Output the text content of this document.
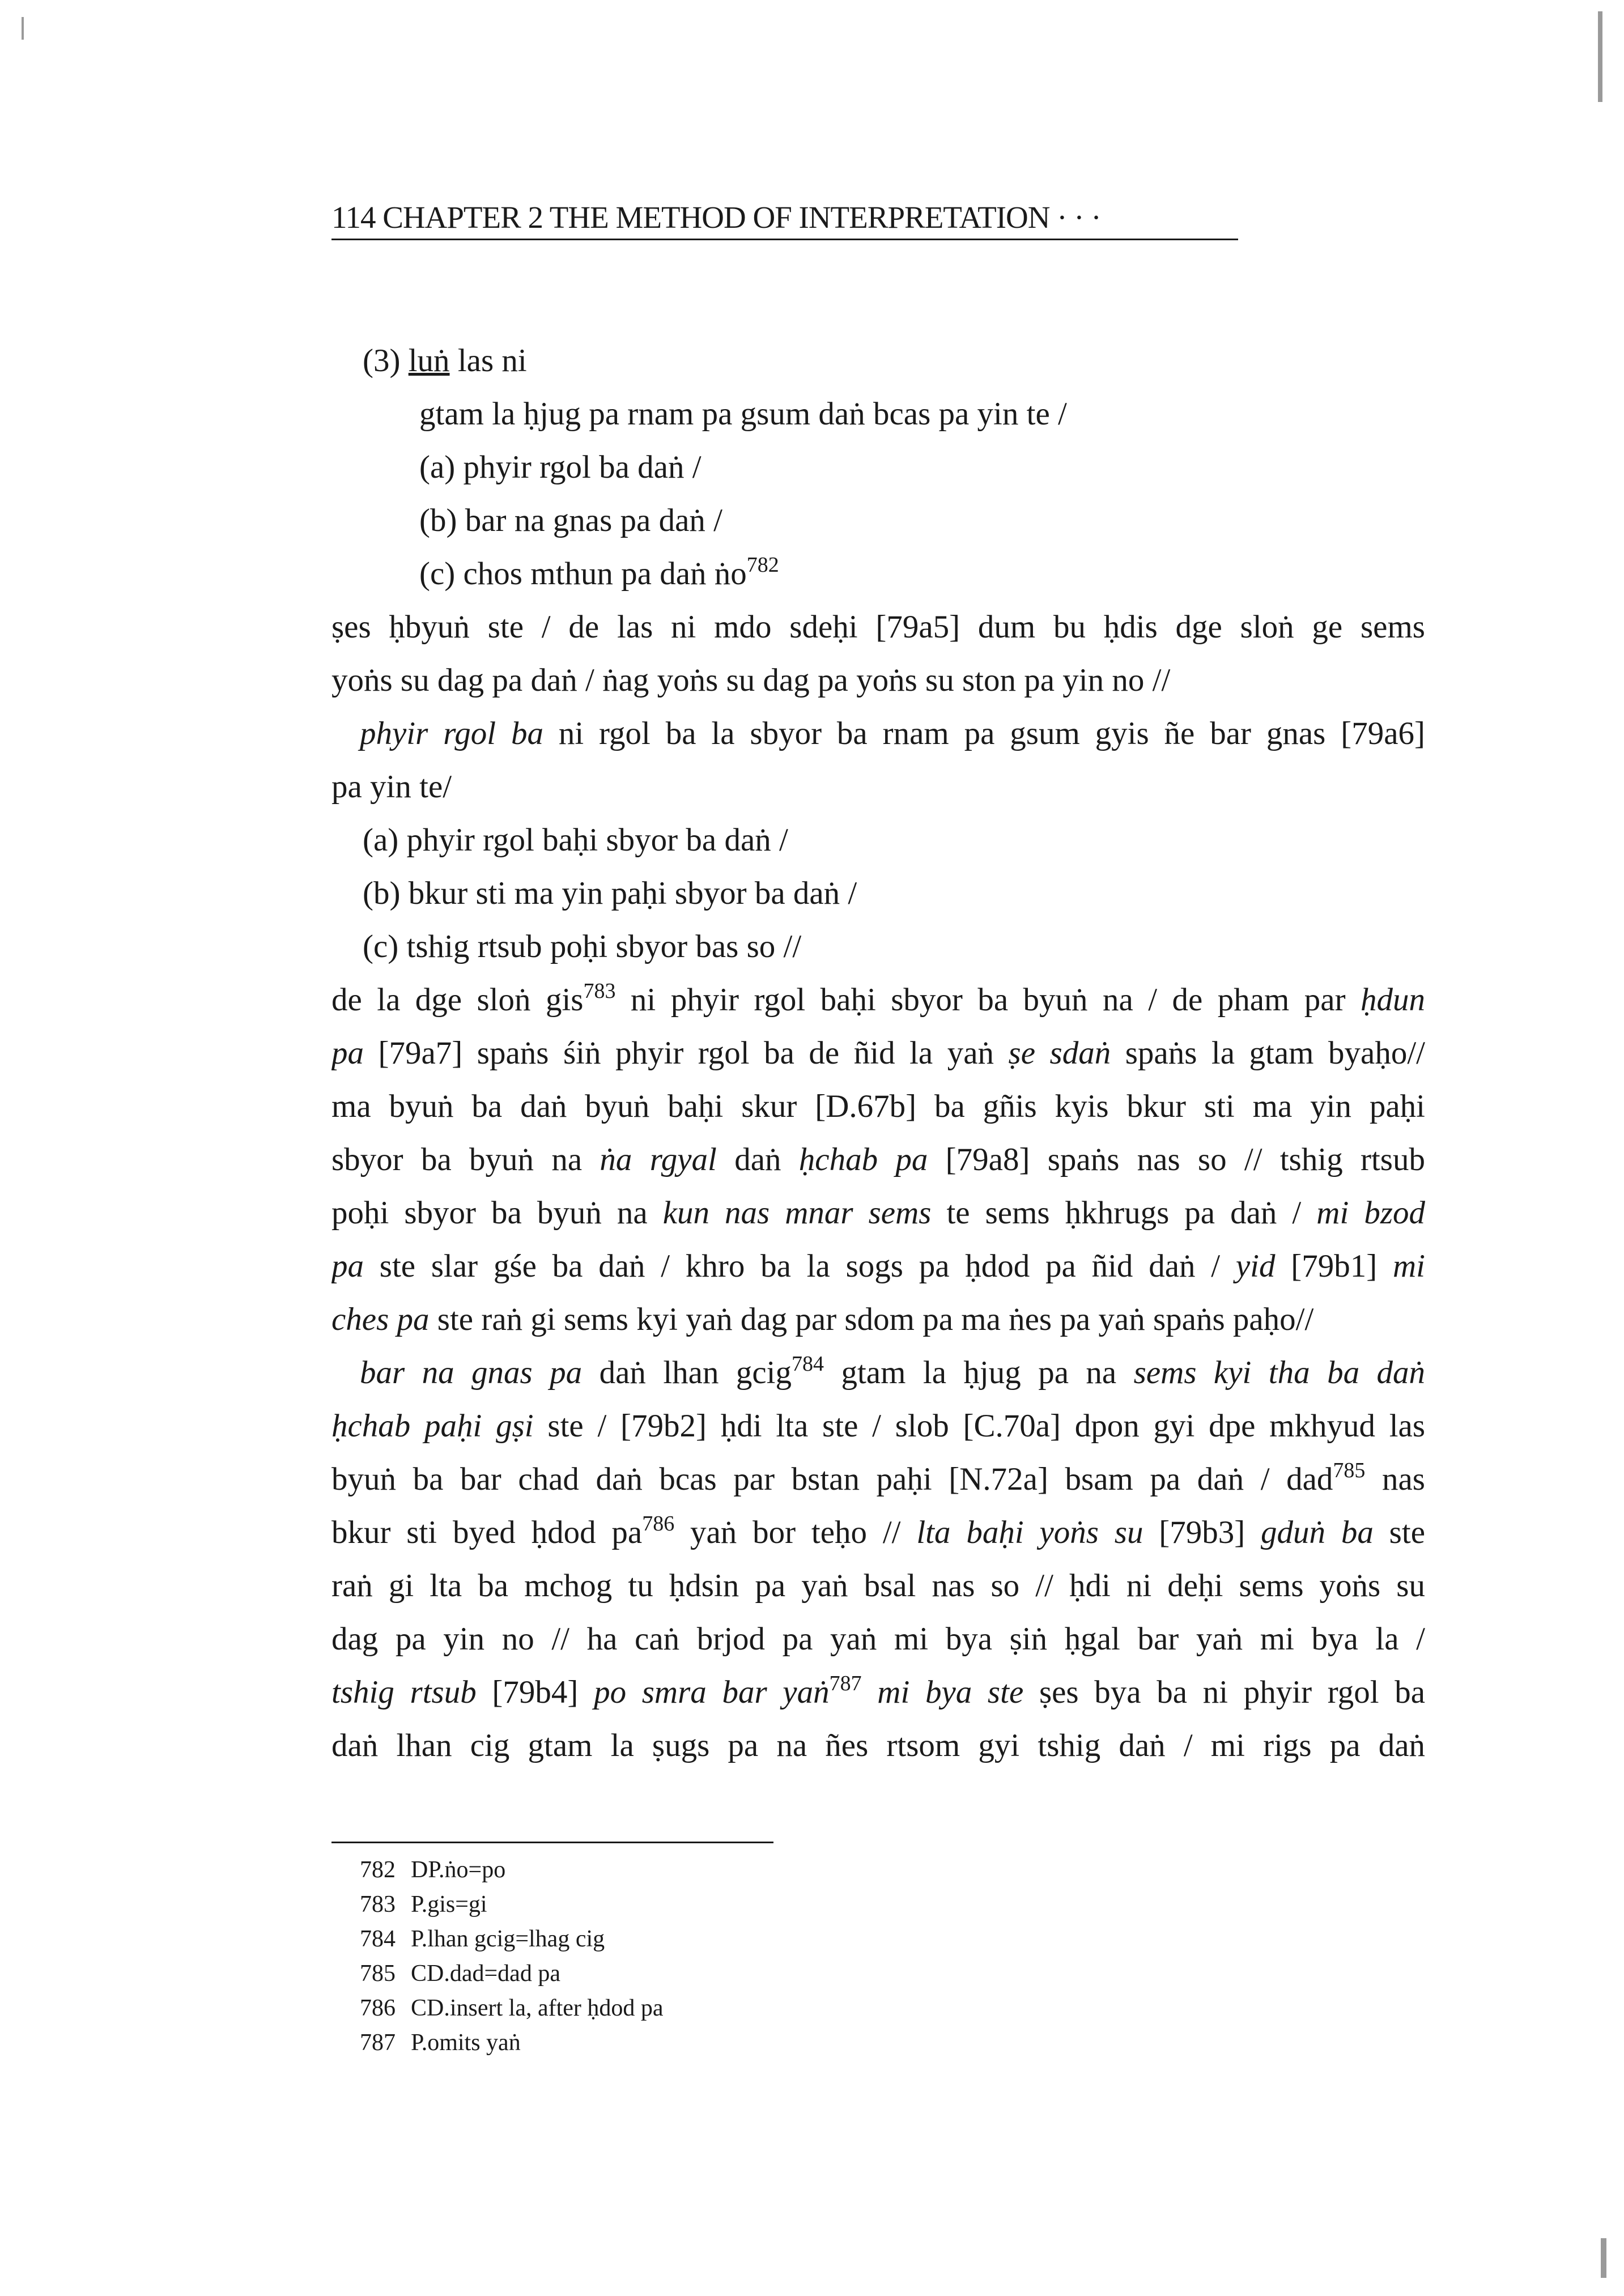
114 CHAPTER 2 THE METHOD OF INTERPRETATION · · ·
(3) luṅ las ni
gtam la ḥjug pa rnam pa gsum daṅ bcas pa yin te /
(a) phyir rgol ba daṅ /
(b) bar na gnas pa daṅ /
(c) chos mthun pa daṅ ṅo$^{782}$
ṣes ḥbyuṅ ste / de las ni mdo sdeḥi [79a5] dum bu ḥdis dge sloṅ ge sems
yoṅs su dag pa daṅ / ṅag yoṅs su dag pa yoṅs su ston pa yin no //
phyir rgol ba ni rgol ba la sbyor ba rnam pa gsum gyis ñe bar gnas [79a6]
pa yin te/
(a) phyir rgol baḥi sbyor ba daṅ /
(b) bkur sti ma yin paḥi sbyor ba daṅ /
(c) tshig rtsub poḥi sbyor bas so //
de la dge sloṅ gis$^{783}$ ni phyir rgol baḥi sbyor ba byuṅ na / de pham par ḥdun
pa [79a7] spaṅs śiṅ phyir rgol ba de ñid la yaṅ ṣe sdaṅ spaṅs la gtam byaḥo//
ma byuṅ ba daṅ byuṅ baḥi skur [D.67b] ba gñis kyis bkur sti ma yin paḥi
sbyor ba byuṅ na ṅa rgyal daṅ ḥchab pa [79a8] spaṅs nas so // tshig rtsub
poḥi sbyor ba byuṅ na kun nas mnar sems te sems ḥkhrugs pa daṅ / mi bzod
pa ste slar gśe ba daṅ / khro ba la sogs pa ḥdod pa ñid daṅ / yid [79b1] mi
ches pa ste raṅ gi sems kyi yaṅ dag par sdom pa ma ṅes pa yaṅ spaṅs paḥo//
bar na gnas pa daṅ lhan gcig$^{784}$ gtam la ḥjug pa na sems kyi tha ba daṅ
ḥchab paḥi gṣi ste / [79b2] ḥdi lta ste / slob [C.70a] dpon gyi dpe mkhyud las
byuṅ ba bar chad daṅ bcas par bstan paḥi [N.72a] bsam pa daṅ / dad$^{785}$ nas
bkur sti byed ḥdod $pa^{786}$ yaṅ bor teḥo // lta baḥi yoṅs su [79b3] gduṅ ba ste
raṅ gi lta ba mchog tu ḥdsin pa yaṅ bsal nas so // ḥdi ni deḥi sems yoṅs su
dag pa yin no // ha caṅ brjod pa yaṅ mi bya ṣiṅ ḥgal bar yaṅ mi bya la /
tshig rtsub [79b4] po smra bar yaṅ$^{787}$ mi bya ste ṣes bya ba ni phyir rgol ba
daṅ lhan cig gtam la ṣugs pa na ñes rtsom gyi tshig daṅ / mi rigs pa daṅ
782 DP.ṅo=po
783 P.gis=gi
784 P.lhan gcig=lhag cig
785 CD.dad=dad pa
786 CD.insert la, after ḥdod pa
787 P.omits yaṅ
